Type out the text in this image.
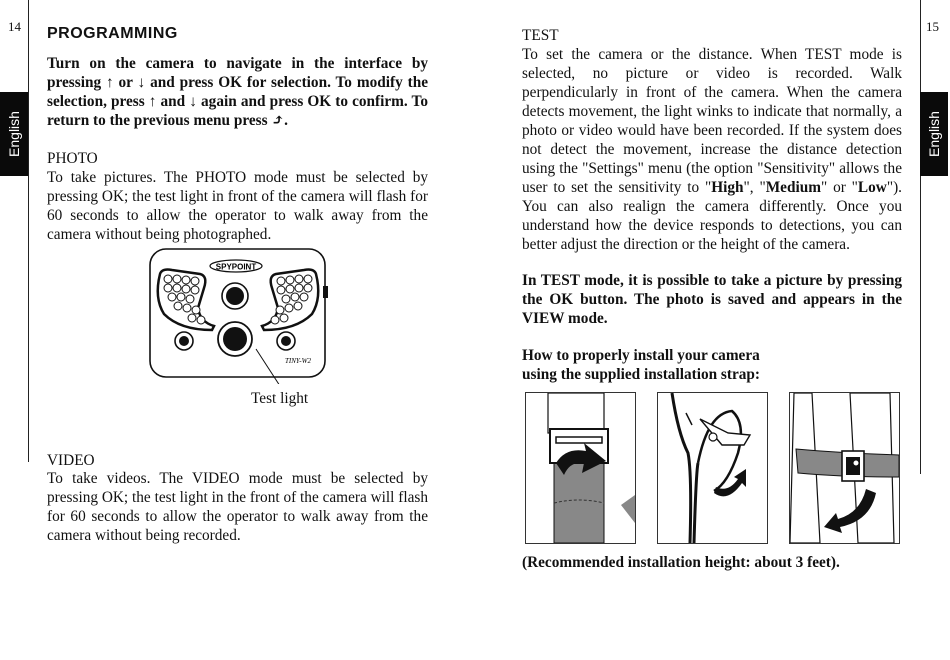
14
English
PROGRAMMING

Turn on the camera to navigate in the interface by pressing ↑ or ↓ and press OK for selection. To modify the selection, press ↑ and ↓ again and press OK to confirm. To return to the previous menu press ⤴.

PHOTO

To take pictures. The PHOTO mode must be selected by pressing OK; the test light in front of the camera will flash for 60 seconds to allow the operator to walk away from the camera without being photographed.

SPYPOINT
TINY-W2
Test light
VIDEO

To take videos. The VIDEO mode must be selected by pressing OK; the test light in the front of the camera will flash for 60 seconds to allow the operator to walk away from the camera without being recorded.

15
English
TEST

To set the camera or the distance. When TEST mode is selected, no picture or video is recorded. Walk perpendicularly in front of the camera. When the camera detects movement, the light winks to indicate that normally, a photo or video would have been recorded. If the system does not detect the movement, increase the distance detection using the "Settings" menu (the option "Sensitivity" allows the user to set the sensitivity to "High", "Medium" or "Low"). You can also realign the camera differently. Once you understand how the device responds to detections, you can better adjust the direction or the height of the camera.

In TEST mode, it is possible to take a picture by pressing the OK button. The photo is saved and appears in the VIEW mode.

How to properly install your camera
using the supplied installation strap:
(Recommended installation height: about 3 feet).
